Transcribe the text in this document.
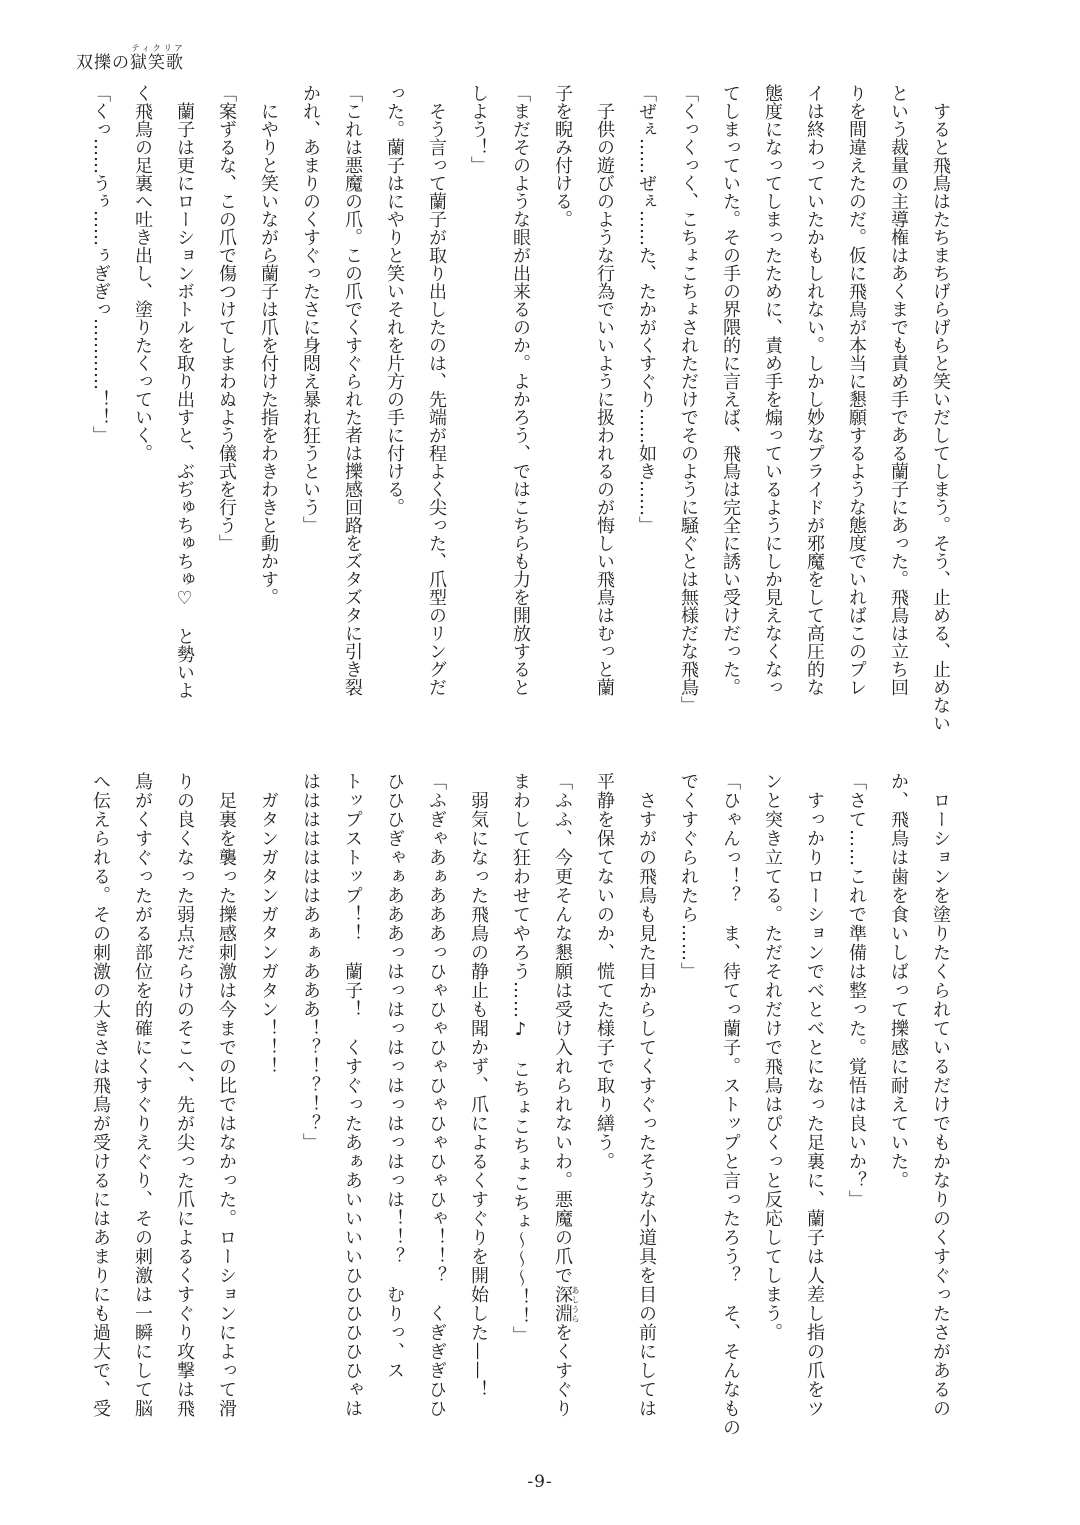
双擽の獄笑歌ティクリア

　すると飛鳥はたちまちげらげらと笑いだしてしまう。そう、止める、止めない

という裁量の主導権はあくまでも責め手である蘭子にあった。飛鳥は立ち回

りを間違えたのだ。仮に飛鳥が本当に懇願するような態度でいればこのプレ

イは終わっていたかもしれない。しかし妙なプライドが邪魔をして高圧的な

態度になってしまったために、責め手を煽っているようにしか見えなくなっ

てしまっていた。その手の界隈的に言えば、飛鳥は完全に誘い受けだった。

「くっくっく、こちょこちょされただけでそのように騒ぐとは無様だな飛鳥」

「ぜぇ……ぜぇ……た、たかがくすぐり……如き……」

　子供の遊びのような行為でいいように扱われるのが悔しい飛鳥はむっと蘭

子を睨み付ける。

「まだそのような眼が出来るのか。よかろう、ではこちらも力を開放すると

しよう！」

　そう言って蘭子が取り出したのは、先端が程よく尖った、爪型のリングだ

った。蘭子はにやりと笑いそれを片方の手に付ける。

「これは悪魔の爪。この爪でくすぐられた者は擽感回路をズタズタに引き裂

かれ、あまりのくすぐったさに身悶え暴れ狂うという」

　にやりと笑いながら蘭子は爪を付けた指をわきわきと動かす。

「案ずるな、この爪で傷つけてしまわぬよう儀式を行う」

　蘭子は更にローションボトルを取り出すと、ぶぢゅちゅちゅ♡　と勢いよ

く飛鳥の足裏へ吐き出し、塗りたくっていく。

「くっ……うぅ……ぅぎぎっ…………！！」

　ローションを塗りたくられているだけでもかなりのくすぐったさがあるの

か、飛鳥は歯を食いしばって擽感に耐えていた。

「さて……これで準備は整った。覚悟は良いか？」

　すっかりローションでべとべとになった足裏に、蘭子は人差し指の爪をツ

ンと突き立てる。ただそれだけで飛鳥はぴくっと反応してしまう。

「ひゃんっ！？　ま、待てっ蘭子。ストップと言ったろう？　そ、そんなもの

でくすぐられたら……」

　さすがの飛鳥も見た目からしてくすぐったそうな小道具を目の前にしては

平静を保てないのか、慌てた様子で取り繕う。

「ふふ、今更そんな懇願は受け入れられないわ。悪魔の爪で深淵あしうらをくすぐり

まわして狂わせてやろう……♪　こちょこちょこちょ～～～！！」

　弱気になった飛鳥の静止も聞かず、爪によるくすぐりを開始した——！

「ふぎゃあぁあああっひゃひゃひゃひゃひゃひゃひゃ！！？　くぎぎぎひひ

ひひひぎゃぁあああっはっはっはっはっはっはっは！！？　むりっ、ス

トップストップ！！　蘭子！　くすぐったあぁあいいいいひひひひひひゃは

はははははははあぁぁあああ！？！？！？」

　ガタンガタンガタンガタン！！！

　足裏を襲った擽感刺激は今までの比ではなかった。ローションによって滑

りの良くなった弱点だらけのそこへ、先が尖った爪によるくすぐり攻撃は飛

鳥がくすぐったがる部位を的確にくすぐりえぐり、その刺激は一瞬にして脳

へ伝えられる。その刺激の大きさは飛鳥が受けるにはあまりにも過大で、受

-9-
